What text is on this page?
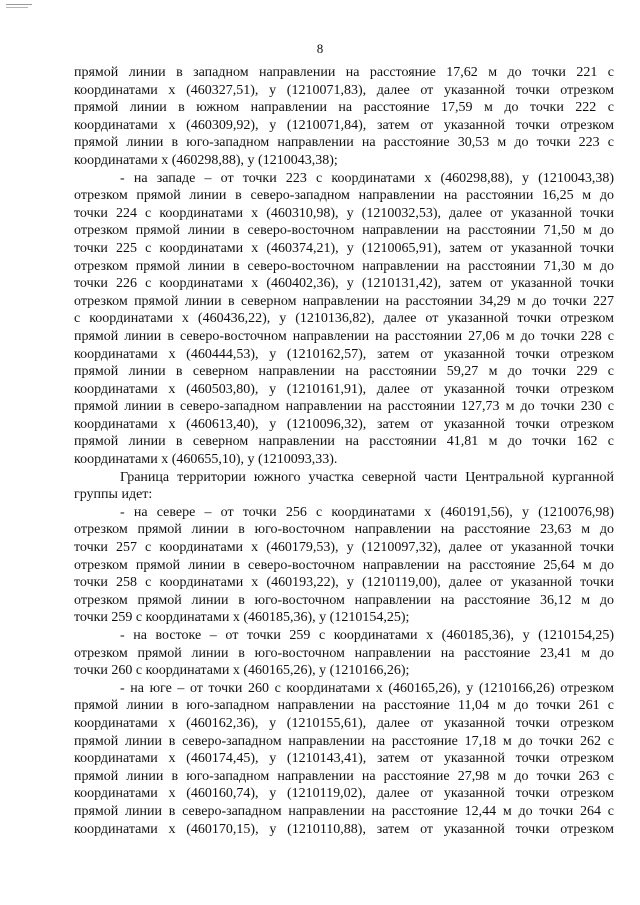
8
прямой линии в западном направлении на расстояние 17,62 м до точки 221 с
координатами x (460327,51), y (1210071,83), далее от указанной точки отрезком
прямой линии в южном направлении на расстояние 17,59 м до точки 222 с
координатами x (460309,92), y (1210071,84), затем от указанной точки отрезком
прямой линии в юго-западном направлении на расстояние 30,53 м до точки 223 с
координатами x (460298,88), y (1210043,38);
- на западе – от точки 223 с координатами x (460298,88), y (1210043,38)
отрезком прямой линии в северо-западном направлении на расстоянии 16,25 м до
точки 224 с координатами x (460310,98), y (1210032,53), далее от указанной точки
отрезком прямой линии в северо-восточном направлении на расстоянии 71,50 м до
точки 225 с координатами x (460374,21), y (1210065,91), затем от указанной точки
отрезком прямой линии в северо-восточном направлении на расстоянии 71,30 м до
точки 226 с координатами x (460402,36), y (1210131,42), затем от указанной точки
отрезком прямой линии в северном направлении на расстоянии 34,29 м до точки 227
с координатами x (460436,22), y (1210136,82), далее от указанной точки отрезком
прямой линии в северо-восточном направлении на расстоянии 27,06 м до точки 228 с
координатами x (460444,53), y (1210162,57), затем от указанной точки отрезком
прямой линии в северном направлении на расстоянии 59,27 м до точки 229 с
координатами x (460503,80), y (1210161,91), далее от указанной точки отрезком
прямой линии в северо-западном направлении на расстоянии 127,73 м до точки 230 с
координатами x (460613,40), y (1210096,32), затем от указанной точки отрезком
прямой линии в северном направлении на расстоянии 41,81 м до точки 162 с
координатами x (460655,10), y (1210093,33).
Граница территории южного участка северной части Центральной курганной
группы идет:
- на севере – от точки 256 с координатами x (460191,56), y (1210076,98)
отрезком прямой линии в юго-восточном направлении на расстояние 23,63 м до
точки 257 с координатами x (460179,53), y (1210097,32), далее от указанной точки
отрезком прямой линии в северо-восточном направлении на расстояние 25,64 м до
точки 258 с координатами x (460193,22), y (1210119,00), далее от указанной точки
отрезком прямой линии в юго-восточном направлении на расстояние 36,12 м до
точки 259 с координатами x (460185,36), y (1210154,25);
- на востоке – от точки 259 с координатами x (460185,36), y (1210154,25)
отрезком прямой линии в юго-восточном направлении на расстояние 23,41 м до
точки 260 с координатами x (460165,26), y (1210166,26);
- на юге – от точки 260 с координатами x (460165,26), y (1210166,26) отрезком
прямой линии в юго-западном направлении на расстояние 11,04 м до точки 261 с
координатами x (460162,36), y (1210155,61), далее от указанной точки отрезком
прямой линии в северо-западном направлении на расстояние 17,18 м до точки 262 с
координатами x (460174,45), y (1210143,41), затем от указанной точки отрезком
прямой линии в юго-западном направлении на расстояние 27,98 м до точки 263 с
координатами x (460160,74), y (1210119,02), далее от указанной точки отрезком
прямой линии в северо-западном направлении на расстояние 12,44 м до точки 264 с
координатами x (460170,15), y (1210110,88), затем от указанной точки отрезком
